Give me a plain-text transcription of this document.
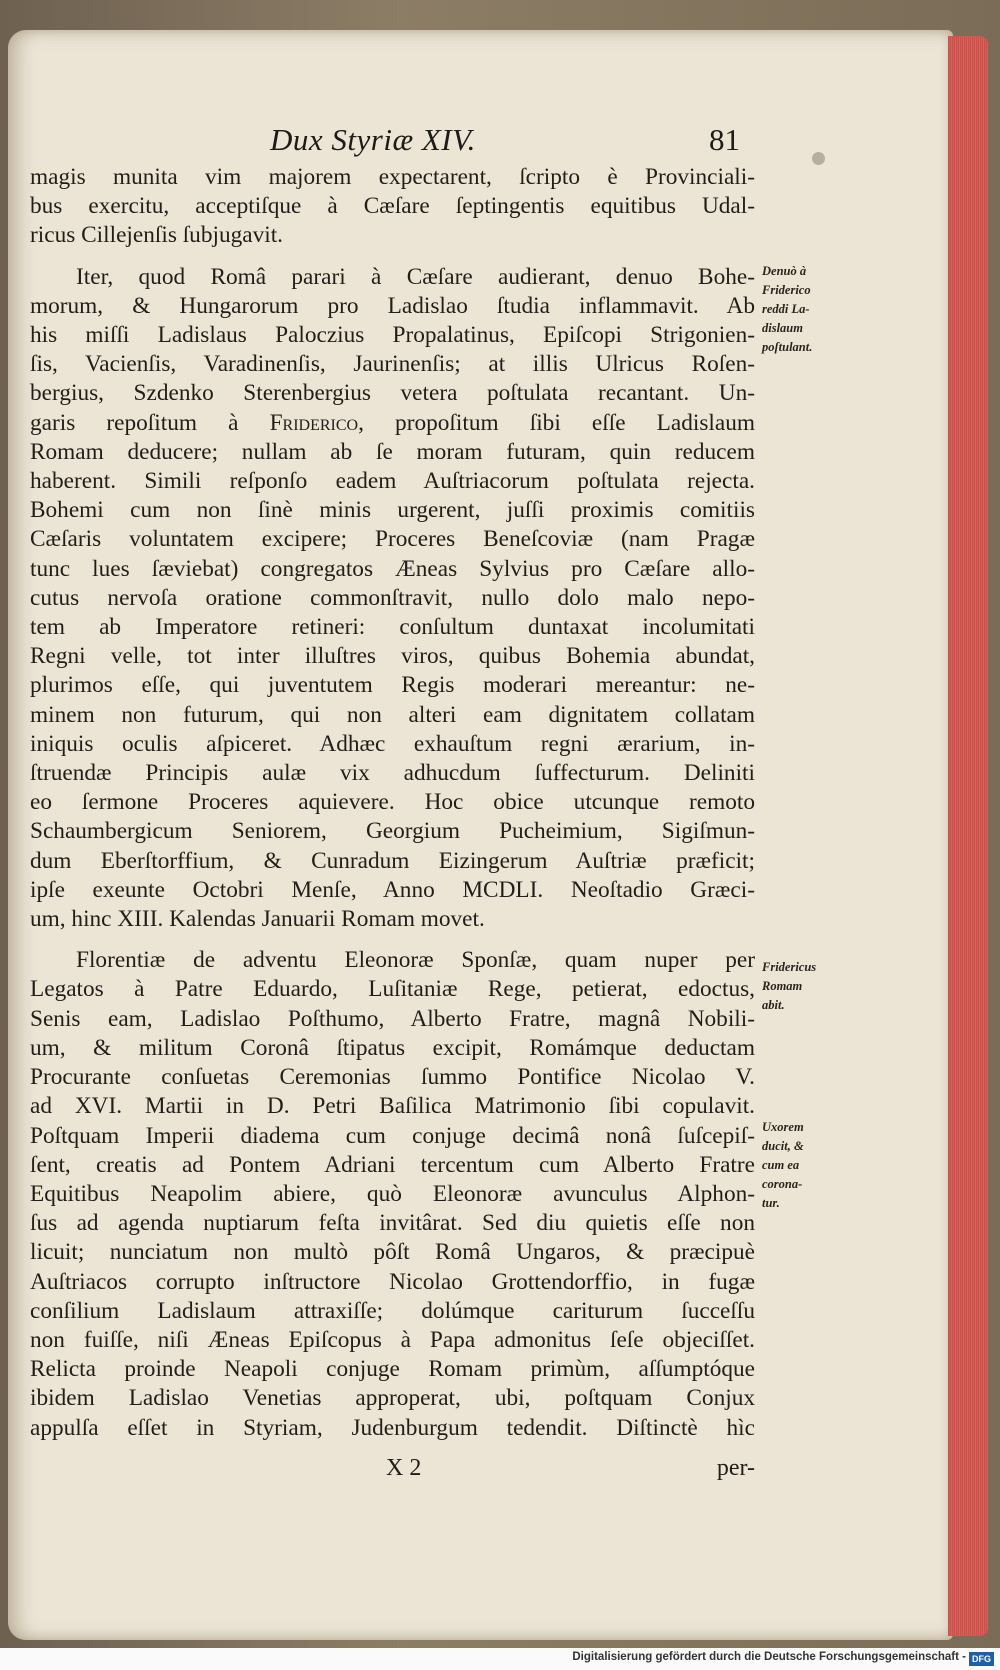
Dux Styriæ XIV.	81

magis munita vim majorem expectarent, ſcripto è Provinciali-
bus exercitu, acceptiſque à Cæſare ſeptingentis equitibus Udal-
ricus Cillejenſis ſubjugavit.

Iter, quod Româ parari à Cæſare audierant, denuo Bohe-
morum, & Hungarorum pro Ladislao ſtudia inflammavit. Ab
his miſſi Ladislaus Paloczius Propalatinus, Epiſcopi Strigonien-
ſis, Vacienſis, Varadinenſis, Jaurinenſis; at illis Ulricus Roſen-
bergius, Szdenko Sterenbergius vetera poſtulata recantant. Un-
garis repoſitum à Friderico, propoſitum ſibi eſſe Ladislaum
Romam deducere; nullam ab ſe moram futuram, quin reducem
haberent. Simili reſponſo eadem Auſtriacorum poſtulata rejecta.
Bohemi cum non ſinè minis urgerent, juſſi proximis comitiis
Cæſaris voluntatem excipere; Proceres Beneſcoviæ (nam Pragæ
tunc lues ſæviebat) congregatos Æneas Sylvius pro Cæſare allo-
cutus nervoſa oratione commonſtravit, nullo dolo malo nepo-
tem ab Imperatore retineri: conſultum duntaxat incolumitati
Regni velle, tot inter illuſtres viros, quibus Bohemia abundat,
plurimos eſſe, qui juventutem Regis moderari mereantur: ne-
minem non futurum, qui non alteri eam dignitatem collatam
iniquis oculis aſpiceret. Adhæc exhauſtum regni ærarium, in-
ſtruendæ Principis aulæ vix adhucdum ſuffecturum. Deliniti
eo ſermone Proceres aquievere. Hoc obice utcunque remoto
Schaumbergicum Seniorem, Georgium Pucheimium, Sigiſmun-
dum Eberſtorffium, & Cunradum Eizingerum Auſtriæ præficit;
ipſe exeunte Octobri Menſe, Anno MCDLI. Neoſtadio Græci-
um, hinc XIII. Kalendas Januarii Romam movet.

Florentiæ de adventu Eleonoræ Sponſæ, quam nuper per
Legatos à Patre Eduardo, Luſitaniæ Rege, petierat, edoctus,
Senis eam, Ladislao Poſthumo, Alberto Fratre, magnâ Nobili-
um, & militum Coronâ ſtipatus excipit, Romámque deductam
Procurante conſuetas Ceremonias ſummo Pontifice Nicolao V.
ad XVI. Martii in D. Petri Baſilica Matrimonio ſibi copulavit.
Poſtquam Imperii diadema cum conjuge decimâ nonâ ſuſcepiſ-
ſent, creatis ad Pontem Adriani tercentum cum Alberto Fratre
Equitibus Neapolim abiere, quò Eleonoræ avunculus Alphon-
ſus ad agenda nuptiarum feſta invitârat. Sed diu quietis eſſe non
licuit; nunciatum non multò pôſt Româ Ungaros, & præcipuè
Auſtriacos corrupto inſtructore Nicolao Grottendorffio, in fugæ
conſilium Ladislaum attraxiſſe; dolúmque cariturum ſucceſſu
non fuiſſe, niſi Æneas Epiſcopus à Papa admonitus ſeſe objeciſſet.
Relicta proinde Neapoli conjuge Romam primùm, aſſumptóque
ibidem Ladislao Venetias approperat, ubi, poſtquam Conjux
appulſa eſſet in Styriam, Judenburgum tedendit. Diſtinctè hìc

Denuò à
Friderico
reddi La-
dislaum
poſtulant.
Fridericus
Romam
abit.
Uxorem
ducit, &
cum ea
corona-
tur.
X 2	per-
Digitalisierung gefördert durch die Deutsche Forschungsgemeinschaft - DFG
